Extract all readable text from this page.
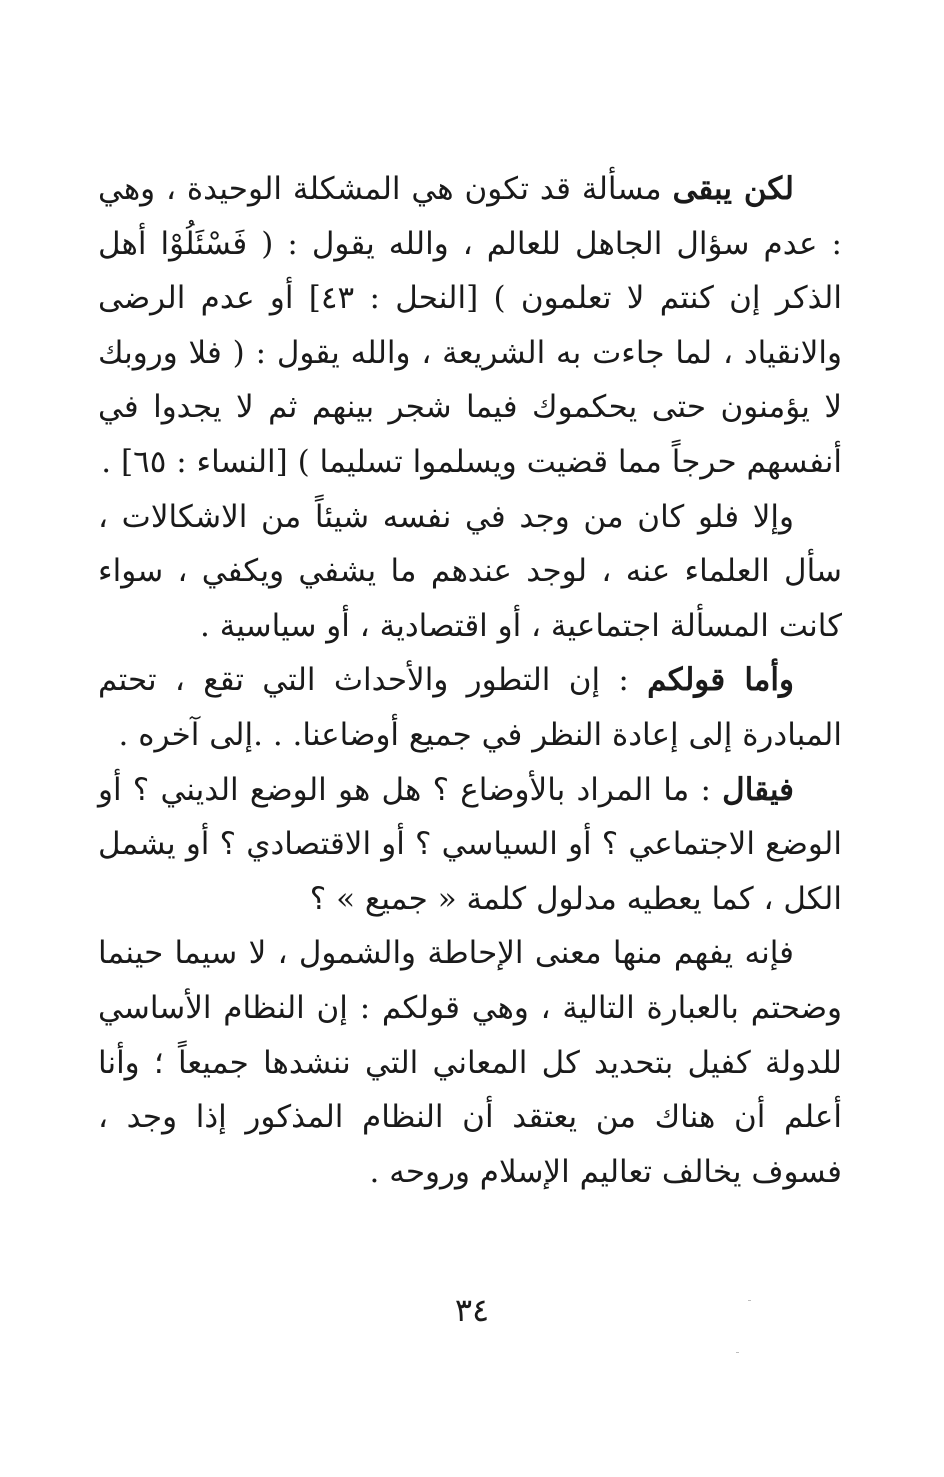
لكن يبقى مسألة قد تكون هي المشكلة الوحيدة ، وهي : عدم سؤال الجاهل للعالم ، والله يقول : ( فَسْئَلُوْا أهل الذكر إن كنتم لا تعلمون ) [النحل : ٤٣] أو عدم الرضى والانقياد ، لما جاءت به الشريعة ، والله يقول : ( فلا وروبك لا يؤمنون حتى يحكموك فيما شجر بينهم ثم لا يجدوا في أنفسهم حرجاً مما قضيت ويسلموا تسليما ) [النساء : ٦٥] .

وإلا فلو كان من وجد في نفسه شيئاً من الاشكالات ، سأل العلماء عنه ، لوجد عندهم ما يشفي ويكفي ، سواء كانت المسألة اجتماعية ، أو اقتصادية ، أو سياسية .

وأما قولكم : إن التطور والأحداث التي تقع ، تحتم المبادرة إلى إعادة النظر في جميع أوضاعنا. . .إلى آخره .

فيقال : ما المراد بالأوضاع ؟ هل هو الوضع الديني ؟ أو الوضع الاجتماعي ؟ أو السياسي ؟ أو الاقتصادي ؟ أو يشمل الكل ، كما يعطيه مدلول كلمة « جميع » ؟

فإنه يفهم منها معنى الإحاطة والشمول ، لا سيما حينما وضحتم بالعبارة التالية ، وهي قولكم : إن النظام الأساسي للدولة كفيل بتحديد كل المعاني التي ننشدها جميعاً ؛ وأنا أعلم أن هناك من يعتقد أن النظام المذكور إذا وجد ، فسوف يخالف تعاليم الإسلام وروحه .

٣٤
